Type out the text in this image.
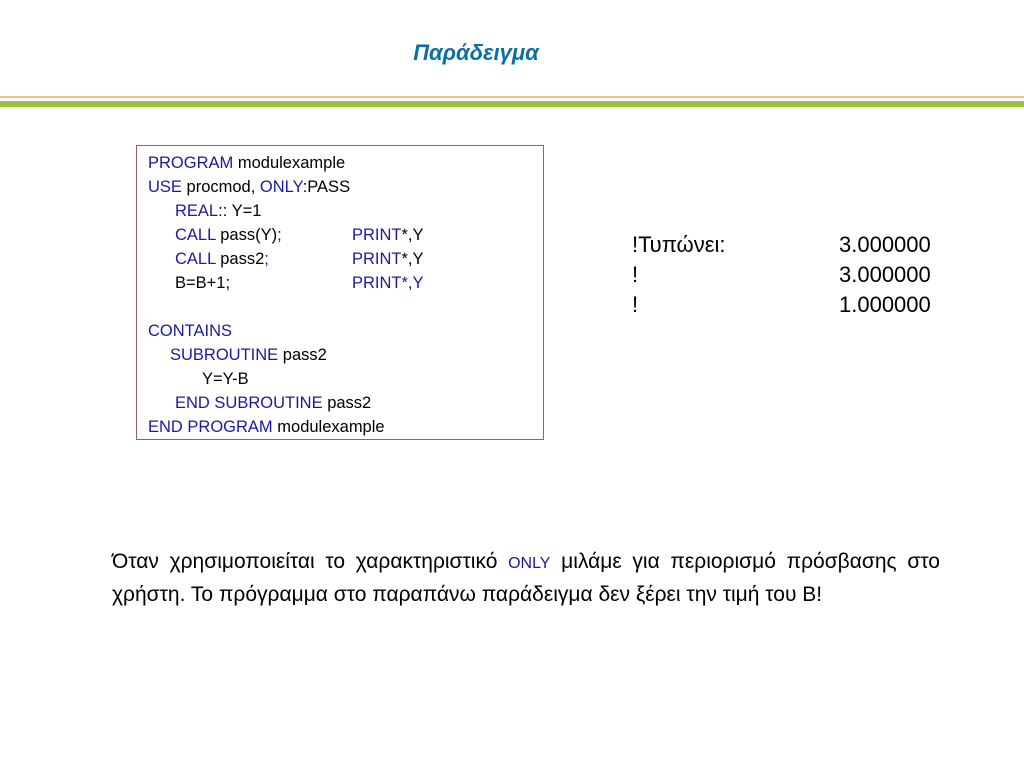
Παράδειγμα
PROGRAM modulexample
USE procmod, ONLY:PASS
REAL:: Y=1
CALL pass(Y);	PRINT*,Y
CALL pass2;	PRINT*,Y
B=B+1;	PRINT*,Y
CONTAINS
SUBROUTINE pass2
Y=Y-B
END SUBROUTINE pass2
END PROGRAM modulexample
!Τυπώνει:	3.000000
!	3.000000
!	1.000000
Όταν χρησιμοποιείται το χαρακτηριστικό ONLY μιλάμε για περιορισμό πρόσβασης στο χρήστη. Το πρόγραμμα στο παραπάνω παράδειγμα δεν ξέρει την τιμή του B!
